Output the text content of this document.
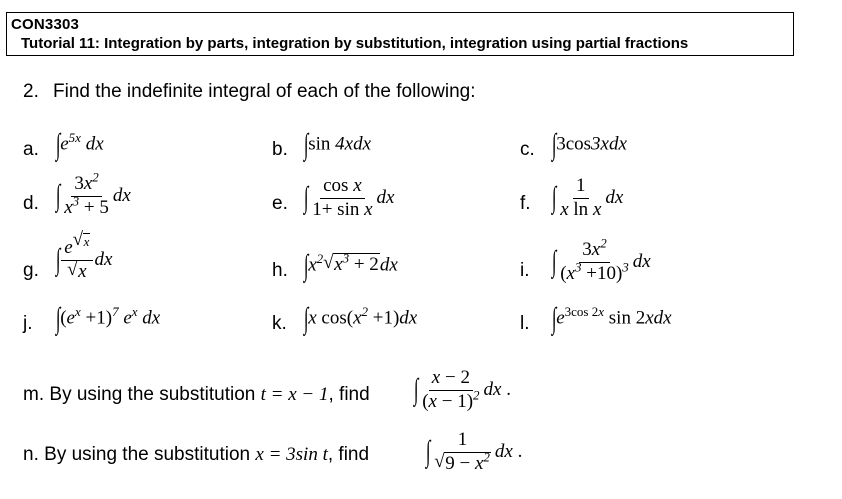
CON3303
Tutorial 11: Integration by parts, integration by substitution, integration using partial fractions
2. Find the indefinite integral of each of the following:
a. $\int e^{5x}$ dx	b. ∫sin 4xdx	c. ∫3cos3xdx
d. ∫ $\frac{3x^2}{x^3 + 5}$ dx	e. ∫ $\frac{\text{cos x}}{\text{1+ sin x}}$ dx	f. ∫ $\frac{1}{\text{x ln x}}$ dx
g. ∫ e $^x$
√ x dx
h. $\int x^2√$ $x^3 + 2dx$	i. ∫ $\frac{3x^2}{(x^3 +10)^3}$ dx
j. $\int(e^x +1)^7$ $e^x$ dx	k. ∫x $\cos(x^2 +1)dx$	l. $\int e^{3cos 2x}$ sin 2xdx
m. By using the substitution t = x − 1, find ∫ $\frac{x - 2}{(x - 1)^2}$ dx .
n. By using the substitution x = 3sin t, find ∫ 1
√ $9 - x^2$ dx .
